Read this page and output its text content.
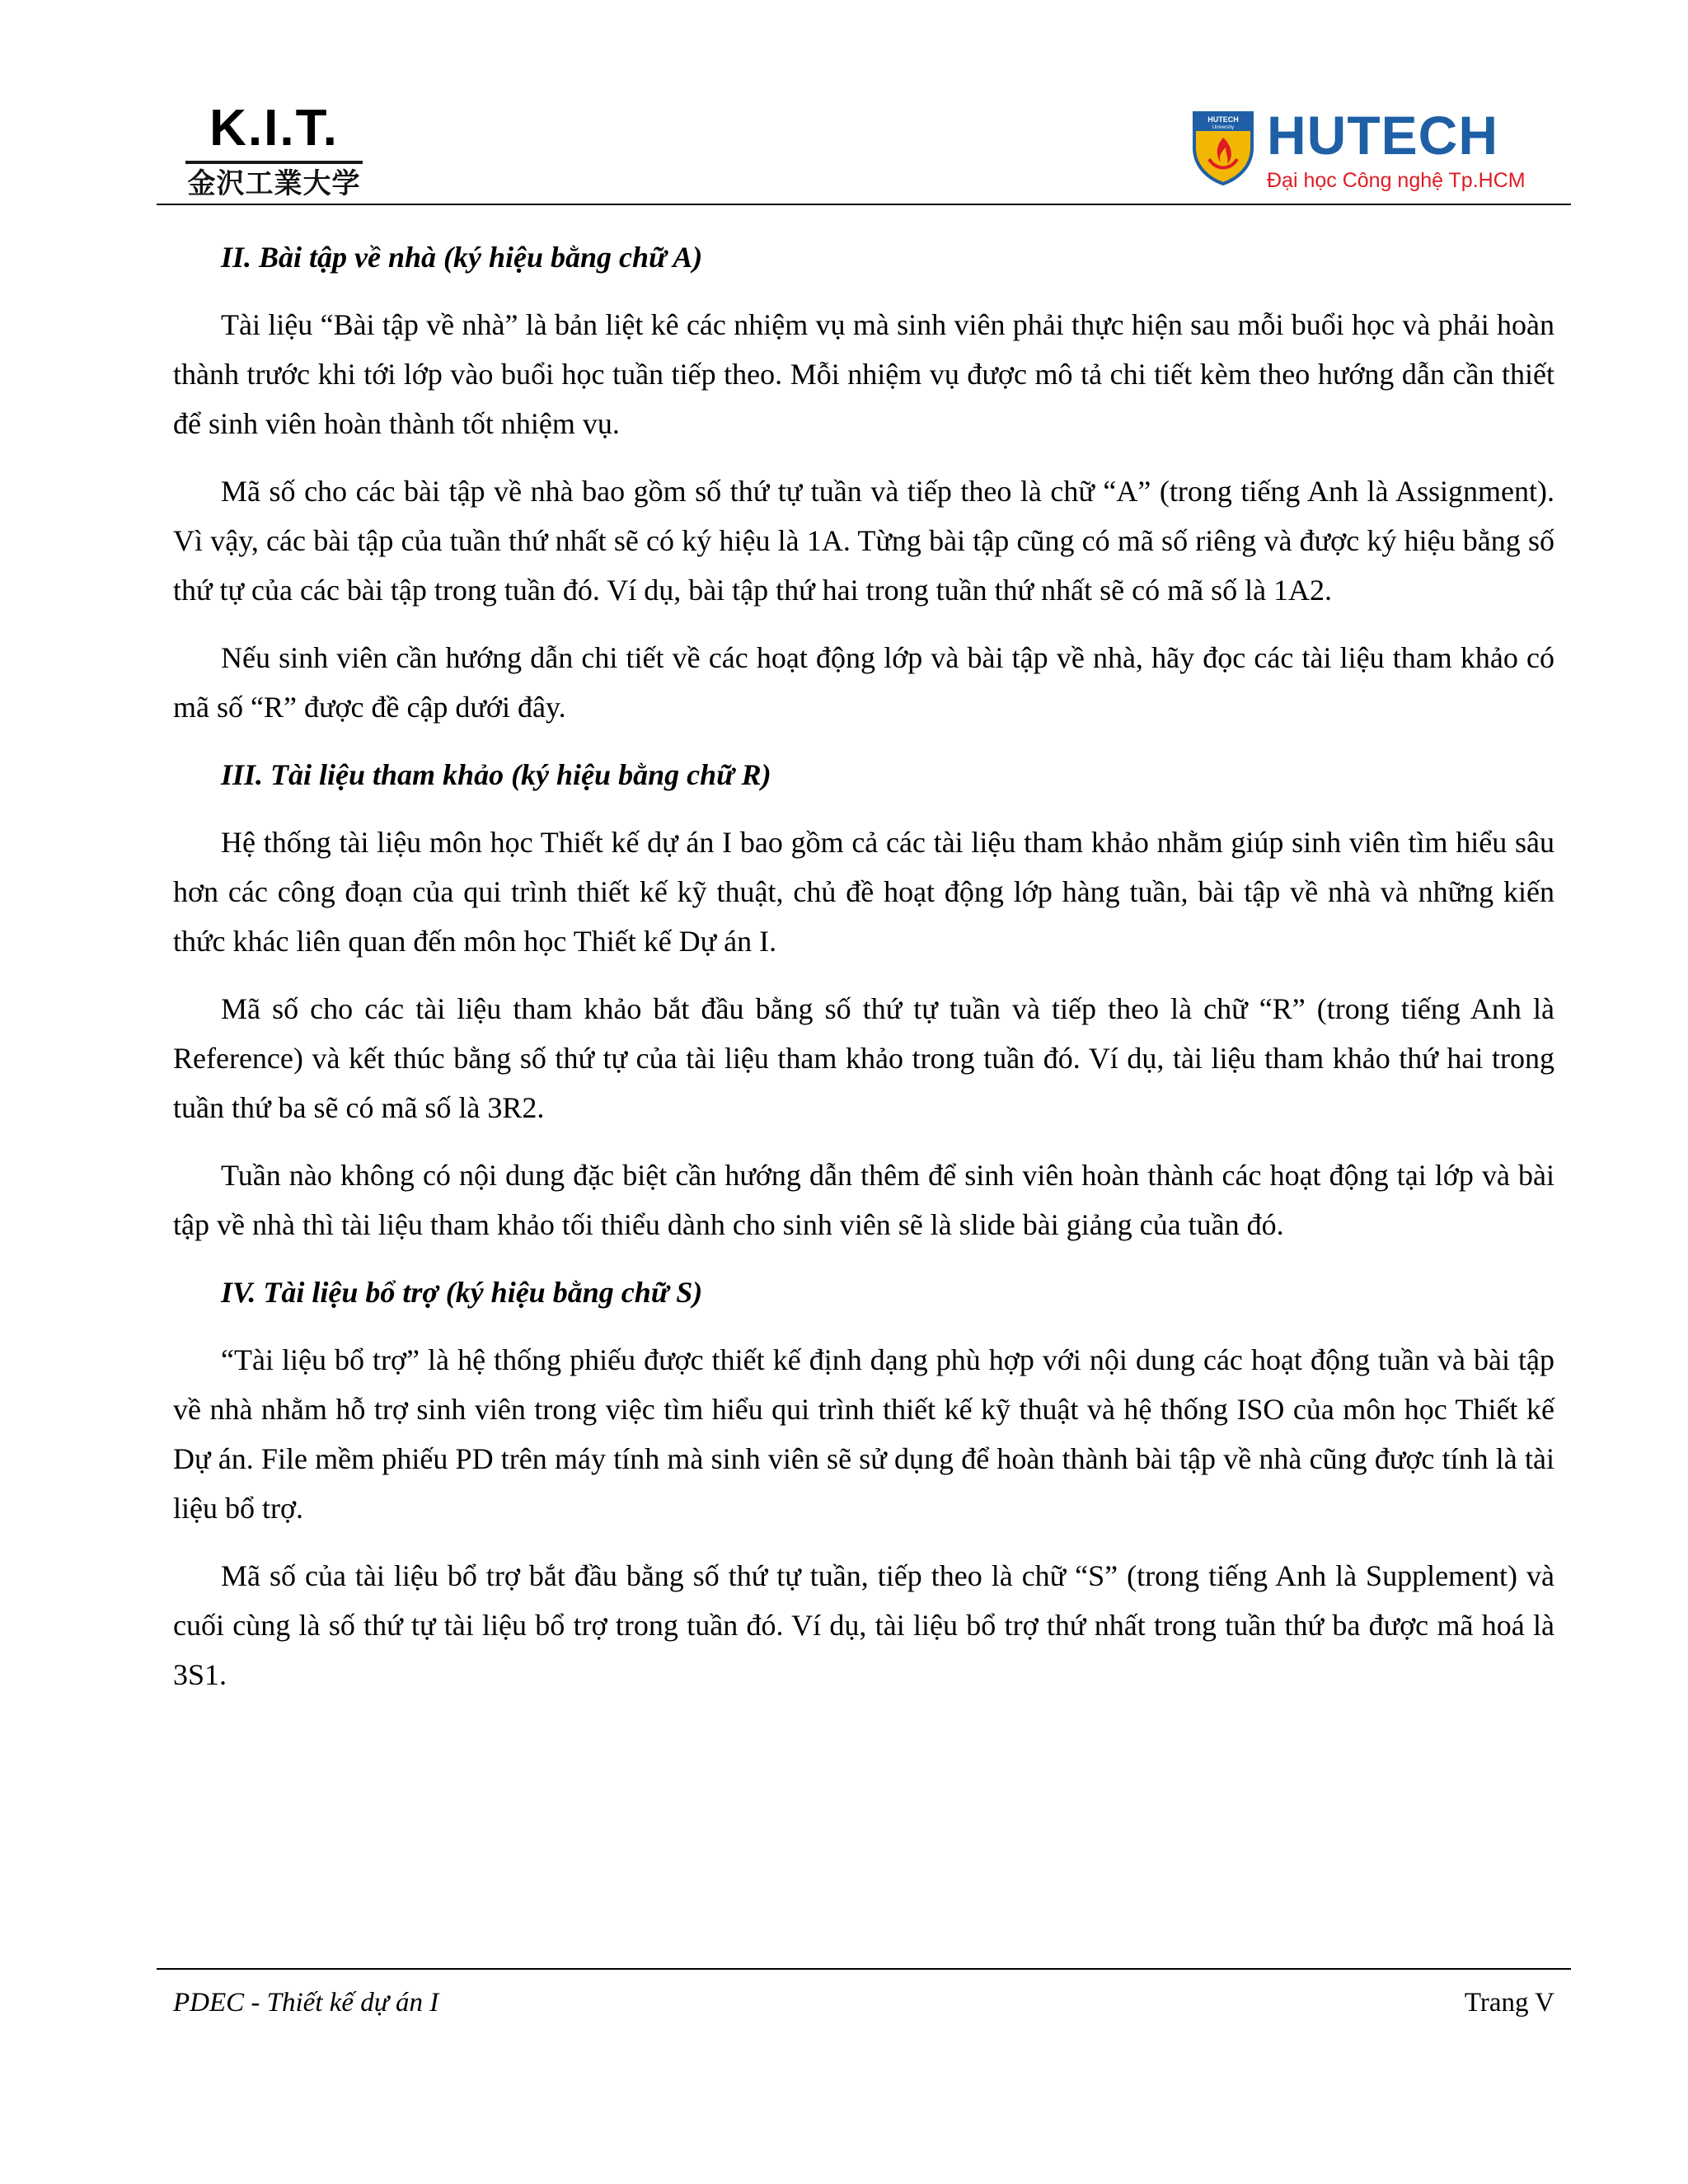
K.I.T.
金沢工業大学
HUTECH
University HUTECH
Đại học Công nghệ Tp.HCM
II. Bài tập về nhà (ký hiệu bằng chữ A)

Tài liệu “Bài tập về nhà” là bản liệt kê các nhiệm vụ mà sinh viên phải thực hiện sau mỗi buổi học và phải hoàn thành trước khi tới lớp vào buổi học tuần tiếp theo. Mỗi nhiệm vụ được mô tả chi tiết kèm theo hướng dẫn cần thiết để sinh viên hoàn thành tốt nhiệm vụ.

Mã số cho các bài tập về nhà bao gồm số thứ tự tuần và tiếp theo là chữ “A” (trong tiếng Anh là Assignment). Vì vậy, các bài tập của tuần thứ nhất sẽ có ký hiệu là 1A. Từng bài tập cũng có mã số riêng và được ký hiệu bằng số thứ tự của các bài tập trong tuần đó. Ví dụ, bài tập thứ hai trong tuần thứ nhất sẽ có mã số là 1A2.

Nếu sinh viên cần hướng dẫn chi tiết về các hoạt động lớp và bài tập về nhà, hãy đọc các tài liệu tham khảo có mã số “R” được đề cập dưới đây.

III. Tài liệu tham khảo (ký hiệu bằng chữ R)

Hệ thống tài liệu môn học Thiết kế dự án I bao gồm cả các tài liệu tham khảo nhằm giúp sinh viên tìm hiểu sâu hơn các công đoạn của qui trình thiết kế kỹ thuật, chủ đề hoạt động lớp hàng tuần, bài tập về nhà và những kiến thức khác liên quan đến môn học Thiết kế Dự án I.

Mã số cho các tài liệu tham khảo bắt đầu bằng số thứ tự tuần và tiếp theo là chữ “R” (trong tiếng Anh là Reference) và kết thúc bằng số thứ tự của tài liệu tham khảo trong tuần đó. Ví dụ, tài liệu tham khảo thứ hai trong tuần thứ ba sẽ có mã số là 3R2.

Tuần nào không có nội dung đặc biệt cần hướng dẫn thêm để sinh viên hoàn thành các hoạt động tại lớp và bài tập về nhà thì tài liệu tham khảo tối thiểu dành cho sinh viên sẽ là slide bài giảng của tuần đó.

IV. Tài liệu bổ trợ (ký hiệu bằng chữ S)

“Tài liệu bổ trợ” là hệ thống phiếu được thiết kế định dạng phù hợp với nội dung các hoạt động tuần và bài tập về nhà nhằm hỗ trợ sinh viên trong việc tìm hiểu qui trình thiết kế kỹ thuật và hệ thống ISO của môn học Thiết kế Dự án. File mềm phiếu PD trên máy tính mà sinh viên sẽ sử dụng để hoàn thành bài tập về nhà cũng được tính là tài liệu bổ trợ.

Mã số của tài liệu bổ trợ bắt đầu bằng số thứ tự tuần, tiếp theo là chữ “S” (trong tiếng Anh là Supplement) và cuối cùng là số thứ tự tài liệu bổ trợ trong tuần đó. Ví dụ, tài liệu bổ trợ thứ nhất trong tuần thứ ba được mã hoá là 3S1.

PDEC - Thiết kế dự án I	Trang V
